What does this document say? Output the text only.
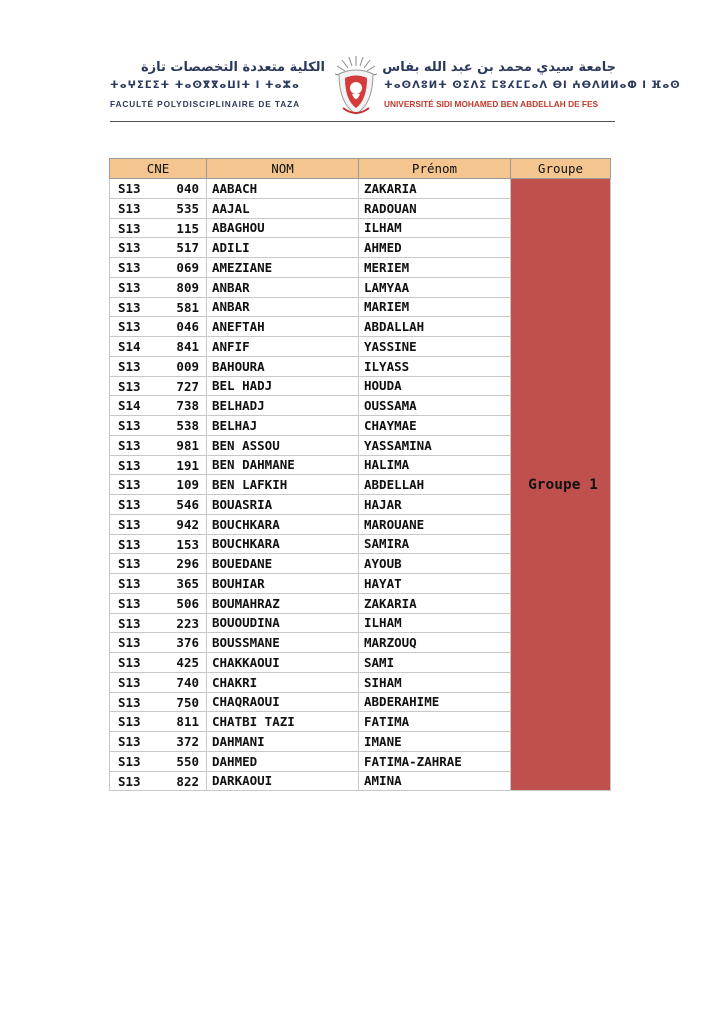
الكلية متعددة التخصصات تازة
ⵜⴰⵖⵉⵎⵉⵜ ⵜⴰⵙⴳⴳⴰⵡⵏⵜ ⵏ ⵜⴰⵣⴰ
FACULTÉ POLYDISCIPLINAIRE DE TAZA
جامعة سيدي محمد بن عبد الله بفاس
ⵜⴰⵙⴷⵓⵍⵜ ⵙⵉⴷⵉ ⵎⵓⵃⵎⵎⴰⴷ ⴱⵏ ⵄⴱⴷⵍⵍⴰⵀ ⵏ ⴼⴰⵙ
UNIVERSITÉ SIDI MOHAMED BEN ABDELLAH DE FES
CNE	NOM	Prénom	Groupe

S13 040	AABACH	ZAKARIA	Groupe 1

S13 535	AAJAL	RADOUAN	

S13 115	ABAGHOU	ILHAM	

S13 517	ADILI	AHMED	

S13 069	AMEZIANE	MERIEM	

S13 809	ANBAR	LAMYAA	

S13 581	ANBAR	MARIEM	

S13 046	ANEFTAH	ABDALLAH	

S14 841	ANFIF	YASSINE	

S13 009	BAHOURA	ILYASS	

S13 727	BEL HADJ	HOUDA	

S14 738	BELHADJ	OUSSAMA	

S13 538	BELHAJ	CHAYMAE	

S13 981	BEN ASSOU	YASSAMINA	

S13 191	BEN DAHMANE	HALIMA	

S13 109	BEN LAFKIH	ABDELLAH	

S13 546	BOUASRIA	HAJAR	

S13 942	BOUCHKARA	MAROUANE	

S13 153	BOUCHKARA	SAMIRA	

S13 296	BOUEDANE	AYOUB	

S13 365	BOUHIAR	HAYAT	

S13 506	BOUMAHRAZ	ZAKARIA	

S13 223	BOUOUDINA	ILHAM	

S13 376	BOUSSMANE	MARZOUQ	

S13 425	CHAKKAOUI	SAMI	

S13 740	CHAKRI	SIHAM	

S13 750	CHAQRAOUI	ABDERAHIME	

S13 811	CHATBI TAZI	FATIMA	

S13 372	DAHMANI	IMANE	

S13 550	DAHMED	FATIMA-ZAHRAE	

S13 822	DARKAOUI	AMINA	
